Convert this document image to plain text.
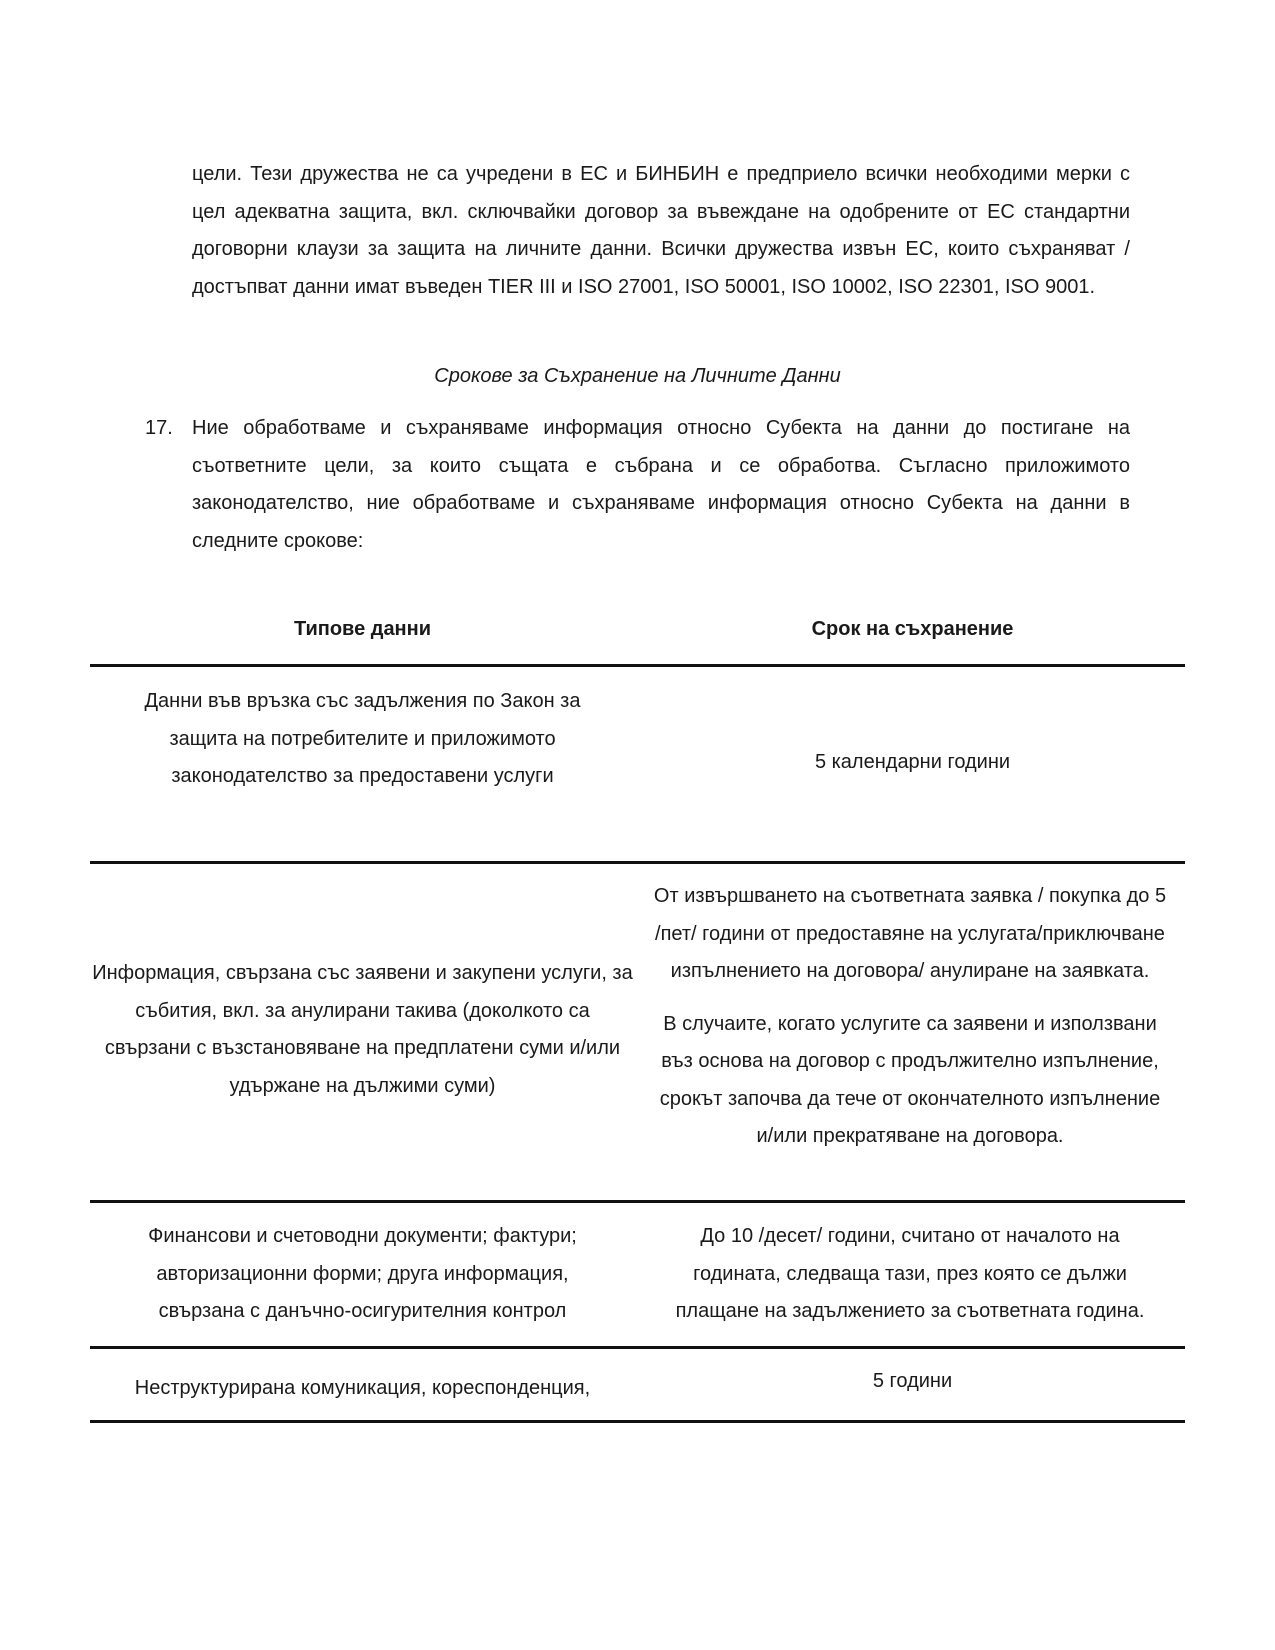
цели. Тези дружества не са учредени в ЕС и БИНБИН е предприело всички необходими мерки с цел адекватна защита, вкл. сключвайки договор за въвеждане на одобрените от ЕС стандартни договорни клаузи за защита на личните данни. Всички дружества извън ЕС, които съхраняват / достъпват данни имат въведен TIER III и ISO 27001, ISO 50001, ISO 10002, ISO 22301, ISO 9001.

Срокове за Съхранение на Личните Данни

17. Ние обработваме и съхраняваме информация относно Субекта на данни до постигане на съответните цели, за които същата е събрана и се обработва. Съгласно приложимото законодателство, ние обработваме и съхраняваме информация относно Субекта на данни в следните срокове:
Типове данни	Срок на съхранение
Данни във връзка със задължения по Закон за защита на потребителите и приложимото законодателство за предоставени услуги

5 календарни години

Информация, свързана със заявени и закупени услуги, за събития, вкл. за анулирани такива (доколкото са свързани с възстановяване на предплатени суми и/или удържане на дължими суми)

От извършването на съответната заявка / покупка до 5 /пет/ години от предоставяне на услугата/приключване изпълнението на договора/ анулиране на заявката.

В случаите, когато услугите са заявени и използвани въз основа на договор с продължително изпълнение, срокът започва да тече от окончателното изпълнение и/или прекратяване на договора.

Финансови и счетоводни документи; фактури; авторизационни форми; друга информация, свързана с данъчно-осигурителния контрол

До 10 /десет/ години, считано от началото на годината, следваща тази, през която се дължи плащане на задължението за съответната година.

Неструктурирана комуникация, кореспонденция,	5 години
